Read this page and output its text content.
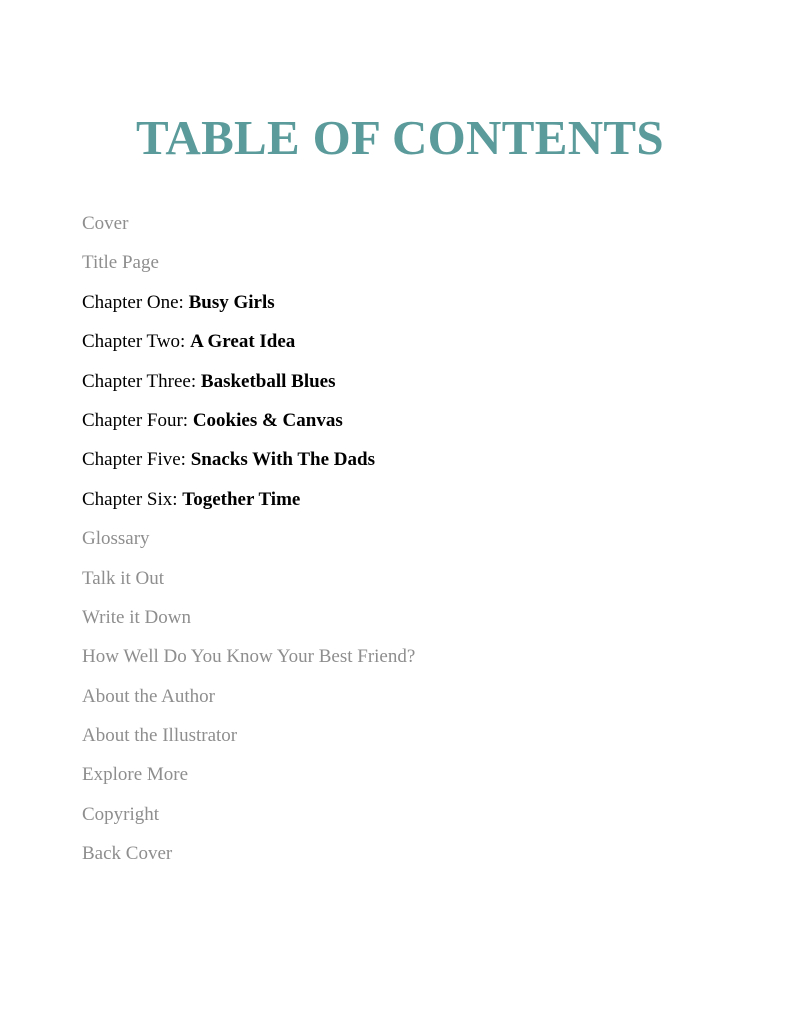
TABLE OF CONTENTS
Cover
Title Page
Chapter One: Busy Girls
Chapter Two: A Great Idea
Chapter Three: Basketball Blues
Chapter Four: Cookies & Canvas
Chapter Five: Snacks With The Dads
Chapter Six: Together Time
Glossary
Talk it Out
Write it Down
How Well Do You Know Your Best Friend?
About the Author
About the Illustrator
Explore More
Copyright
Back Cover
